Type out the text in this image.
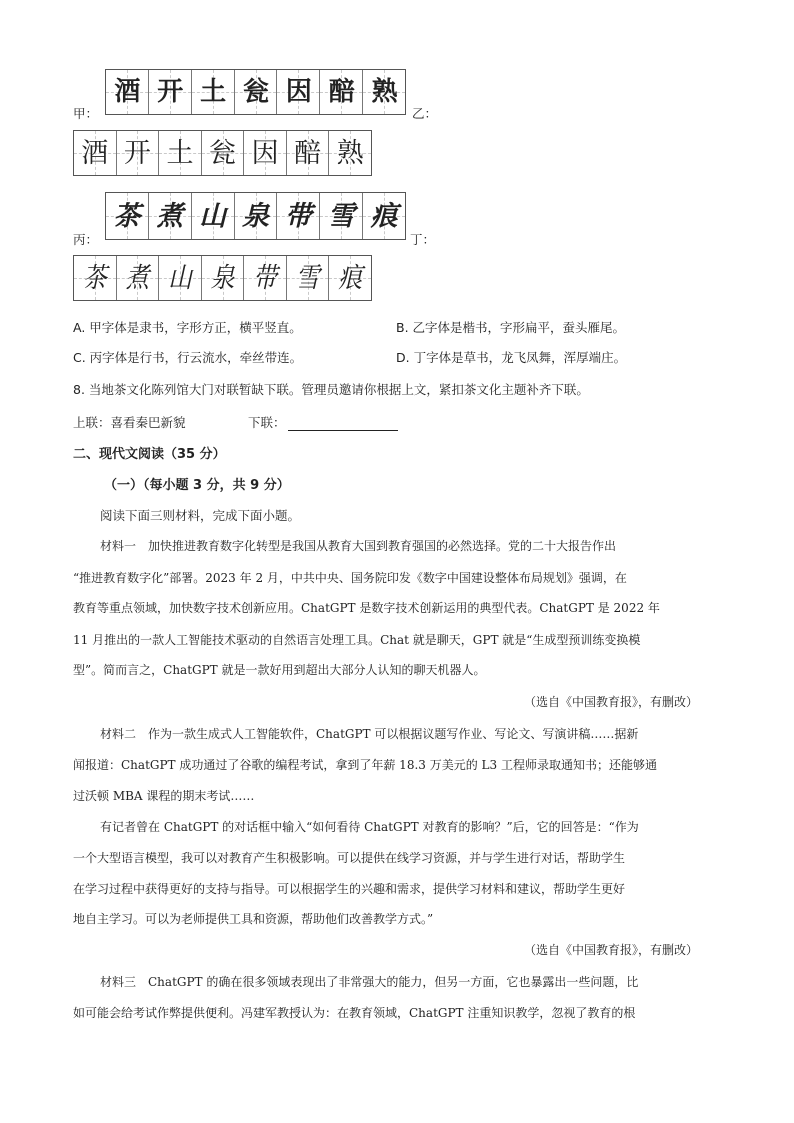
甲：
酒 开 土 瓮 因 醅 熟
乙：
酒 开 土 瓮 因 醅 熟
丙：
茶 煮 山 泉 带 雪 痕
丁：
茶 煮 山 泉 带 雪 痕
A. 甲字体是隶书，字形方正，横平竖直。	B. 乙字体是楷书，字形扁平，蚕头雁尾。
C. 丙字体是行书，行云流水，牵丝带连。	D. 丁字体是草书，龙飞凤舞，浑厚端庄。
8. 当地茶文化陈列馆大门对联暂缺下联。管理员邀请你根据上文，紧扣茶文化主题补齐下联。
上联：喜看秦巴新貌	下联：
二、现代文阅读（35 分）
（一）（每小题 3 分，共 9 分）
阅读下面三则材料，完成下面小题。
材料一　加快推进教育数字化转型是我国从教育大国到教育强国的必然选择。党的二十大报告作出
“推进教育数字化”部署。2023 年 2 月，中共中央、国务院印发《数字中国建设整体布局规划》强调，在
教育等重点领域，加快数字技术创新应用。ChatGPT 是数字技术创新运用的典型代表。ChatGPT 是 2022 年
11 月推出的一款人工智能技术驱动的自然语言处理工具。Chat 就是聊天，GPT 就是“生成型预训练变换模
型”。简而言之，ChatGPT 就是一款好用到超出大部分人认知的聊天机器人。
（选自《中国教育报》，有删改）
材料二　作为一款生成式人工智能软件，ChatGPT 可以根据议题写作业、写论文、写演讲稿……据新
闻报道：ChatGPT 成功通过了谷歌的编程考试，拿到了年薪 18.3 万美元的 L3 工程师录取通知书；还能够通
过沃顿 MBA 课程的期末考试……
有记者曾在 ChatGPT 的对话框中输入“如何看待 ChatGPT 对教育的影响？”后，它的回答是：“作为
一个大型语言模型，我可以对教育产生积极影响。可以提供在线学习资源，并与学生进行对话，帮助学生
在学习过程中获得更好的支持与指导。可以根据学生的兴趣和需求，提供学习材料和建议，帮助学生更好
地自主学习。可以为老师提供工具和资源，帮助他们改善教学方式。”
（选自《中国教育报》，有删改）
材料三　ChatGPT 的确在很多领域表现出了非常强大的能力，但另一方面，它也暴露出一些问题，比
如可能会给考试作弊提供便利。冯建军教授认为：在教育领域，ChatGPT 注重知识教学，忽视了教育的根
